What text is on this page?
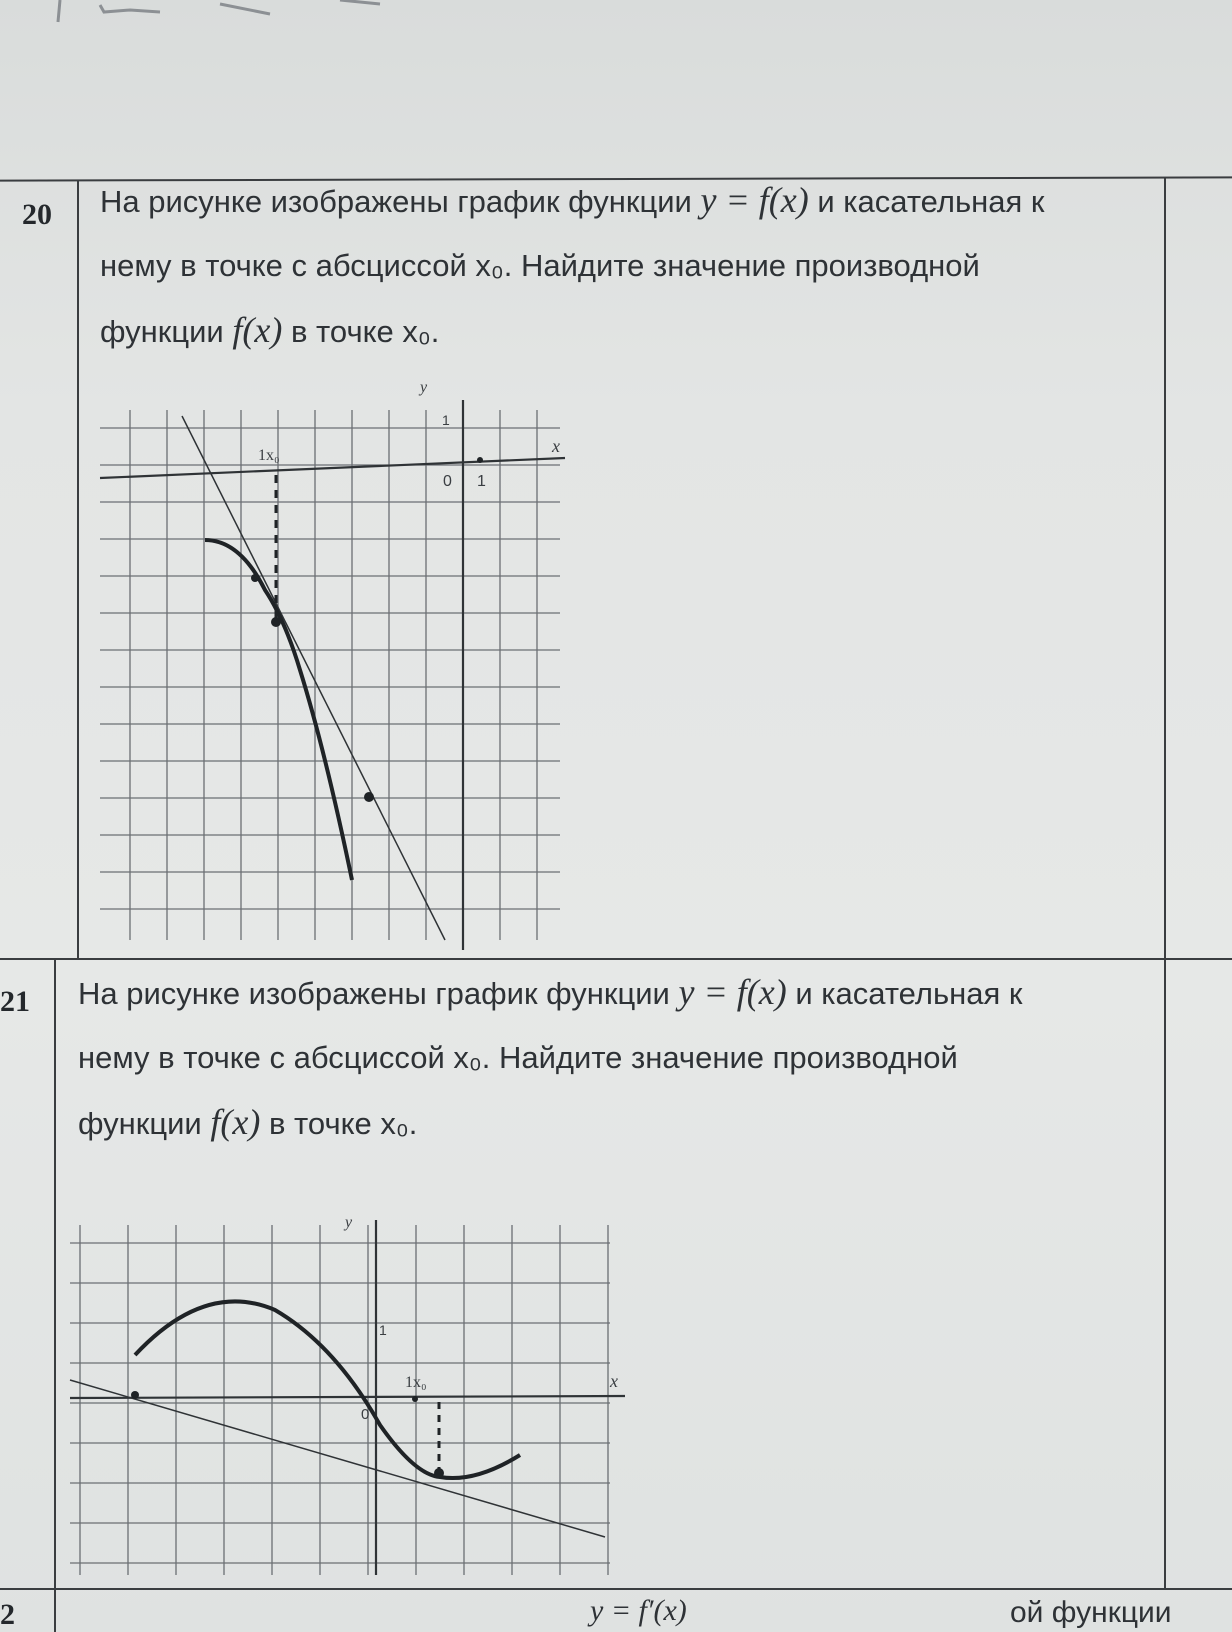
20 На рисунке изображены график функции y = f(x) и касательная к
нему в точке с абсциссой x₀. Найдите значение производной
функции f(x) в точке x₀.
y
x
0 1
1
1x₀
21 На рисунке изображены график функции y = f(x) и касательная к
нему в точке с абсциссой x₀. Найдите значение производной
функции f(x) в точке x₀.
y
x
0
1
1x₀
2	y = f′(x)	ой функции
